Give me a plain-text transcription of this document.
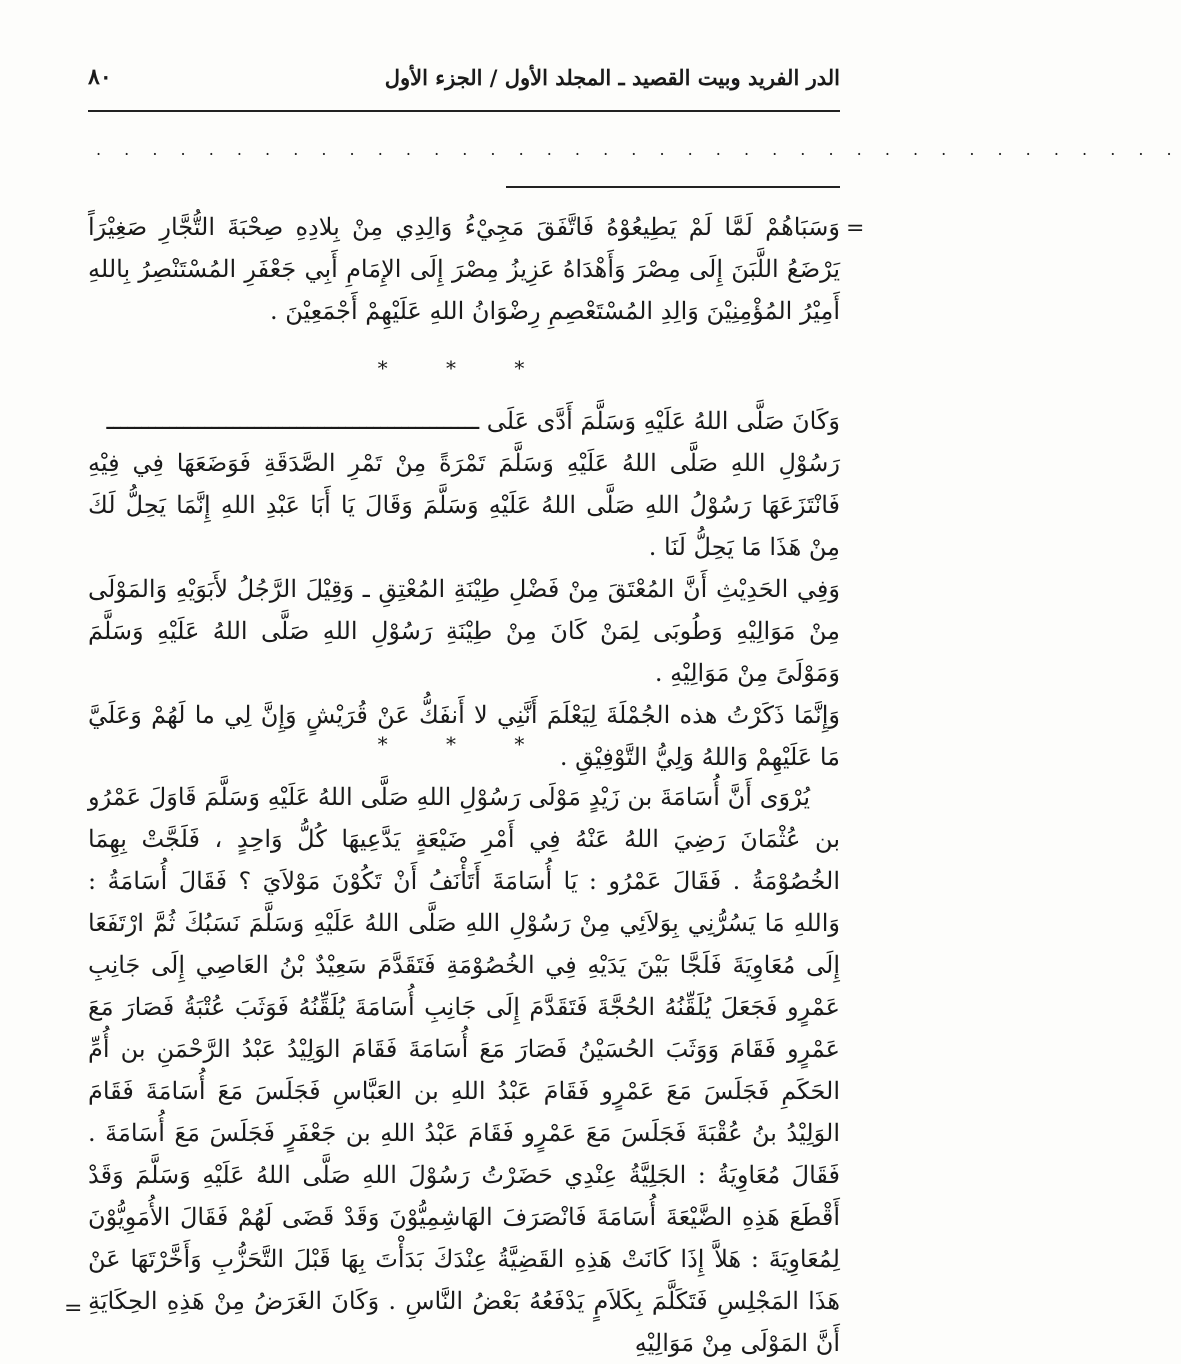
الدر الفريد وبيت القصيد ـ المجلد الأول / الجزء الأول
٨٠
. . . . . . . . . . . . . . . . . . . . . . . . . . . . . . . . . . . . . . .
=

وَسَبَاهُمْ لَمَّا لَمْ يَطِيعُوْهُ فَاتَّفَقَ مَجِيْءُ وَالِدِي مِنْ بِلادِهِ صِحْبَةَ التُّجَّارِ صَغِيْرَاً يَرْضَعُ اللَّبَنَ إِلَى مِصْرَ وَأَهْدَاهُ عَزِيزُ مِصْرَ إِلَى الإِمَامِ أَبِي جَعْفَرِ المُسْتَنْصِرُ بِاللهِ أَمِيْرُ المُؤْمِنِيْنَ وَالِدِ المُسْتَعْصِمِ رِضْوَانُ اللهِ عَلَيْهِمْ أَجْمَعِيْنَ .

* * *

وَكَانَ صَلَّى اللهُ عَلَيْهِ وَسَلَّمَ أَدَّى عَلَى ـــــــــــــــــــــــــــــــــــــــــــــــــــــ

رَسُوْلِ اللهِ صَلَّى اللهُ عَلَيْهِ وَسَلَّمَ تَمْرَةً مِنْ تَمْرِ الصَّدَقَةِ فَوَضَعَهَا فِي فِيْهِ فَانْتَزَعَهَا رَسُوْلُ اللهِ صَلَّى اللهُ عَلَيْهِ وَسَلَّمَ وَقَالَ يَا أَبَا عَبْدِ اللهِ إِنَّمَا يَحِلُّ لَكَ مِنْ هَذَا مَا يَحِلُّ لَنَا .

وَفِي الحَدِيْثِ أَنَّ المُعْتَقَ مِنْ فَضْلِ طِيْنَةِ المُعْتِقِ ـ وَقِيْلَ الرَّجُلُ لأَبَوَيْهِ وَالمَوْلَى مِنْ مَوَالِيْهِ وَطُوبَى لِمَنْ كَانَ مِنْ طِيْنَةِ رَسُوْلِ اللهِ صَلَّى اللهُ عَلَيْهِ وَسَلَّمَ وَمَوْلَىً مِنْ مَوَالِيْهِ .

وَإِنَّمَا ذَكَرْتُ هذه الجُمْلَةَ لِيَعْلَمَ أَنَّنِي لا أَنفَكُّ عَنْ قُرَيْشٍ وَإِنَّ لِي ما لَهُمْ وَعَلَيَّ مَا عَلَيْهِمْ وَاللهُ وَلِيُّ التَّوْفِيْقِ .

* * *

يُرْوَى أَنَّ أُسَامَةَ بن زَيْدٍ مَوْلَى رَسُوْلِ اللهِ صَلَّى اللهُ عَلَيْهِ وَسَلَّمَ قَاوَلَ عَمْرُو بن عُثْمَانَ رَضِيَ اللهُ عَنْهُ فِي أَمْرِ ضَيْعَةٍ يَدَّعِيهَا كُلُّ وَاحِدٍ ، فَلَجَّتْ بِهِمَا الخُصُوْمَةُ . فَقَالَ عَمْرُو : يَا أُسَامَةَ أَتَأْنَفُ أَنْ تَكُوْنَ مَوْلاَيَ ؟ فَقَالَ أُسَامَةُ : وَاللهِ مَا يَسُرُّنِي بِوَلاَئِي مِنْ رَسُوْلِ اللهِ صَلَّى اللهُ عَلَيْهِ وَسَلَّمَ نَسَبُكَ ثُمَّ ارْتَفَعَا إِلَى مُعَاوِيَةَ فَلَجَّا بَيْنَ يَدَيْهِ فِي الخُصُوْمَةِ فَتَقَدَّمَ سَعِيْدٌ بْنُ العَاصِي إِلَى جَانِبِ عَمْرٍو فَجَعَلَ يُلَقِّنُهُ الحُجَّةَ فَتَقَدَّمَ إِلَى جَانِبِ أُسَامَةَ يُلَقِّنُهُ فَوَثَبَ عُتْبَةُ فَصَارَ مَعَ عَمْرٍو فَقَامَ وَوَثَبَ الحُسَيْنُ فَصَارَ مَعَ أُسَامَةَ فَقَامَ الوَلِيْدُ عَبْدُ الرَّحْمَنِ بن أُمِّ الحَكَمِ فَجَلَسَ مَعَ عَمْرٍو فَقَامَ عَبْدُ اللهِ بن العَبَّاسِ فَجَلَسَ مَعَ أُسَامَةَ فَقَامَ الوَلِيْدُ بنُ عُقْبَةَ فَجَلَسَ مَعَ عَمْرٍو فَقَامَ عَبْدُ اللهِ بن جَعْفَرٍ فَجَلَسَ مَعَ أُسَامَةَ . فَقَالَ مُعَاوِيَةُ : الجَلِيَّةُ عِنْدِي حَضَرْتُ رَسُوْلَ اللهِ صَلَّى اللهُ عَلَيْهِ وَسَلَّمَ وَقَدْ أَقْطَعَ هَذِهِ الضَّيْعَةَ أُسَامَةَ فَانْصَرَفَ الهَاشِمِيُّوْنَ وَقَدْ قَضَى لَهُمْ فَقَالَ الأُمَوِيُّوْنَ لِمُعَاوِيَةَ : هَلاَّ إِذَا كَانَتْ هَذِهِ القَضِيَّةُ عِنْدَكَ بَدَأْتَ بِهَا قَبْلَ التَّحَزُّبِ وَأَخَّرْتَهَا عَنْ هَذَا المَجْلِسِ فَتَكَلَّمَ بِكَلاَمٍ يَدْفَعُهُ بَعْضُ النَّاسِ . وَكَانَ الغَرَضُ مِنْ هَذِهِ الحِكَايَةِ أَنَّ المَوْلَى مِنْ مَوَالِيْهِ

=
